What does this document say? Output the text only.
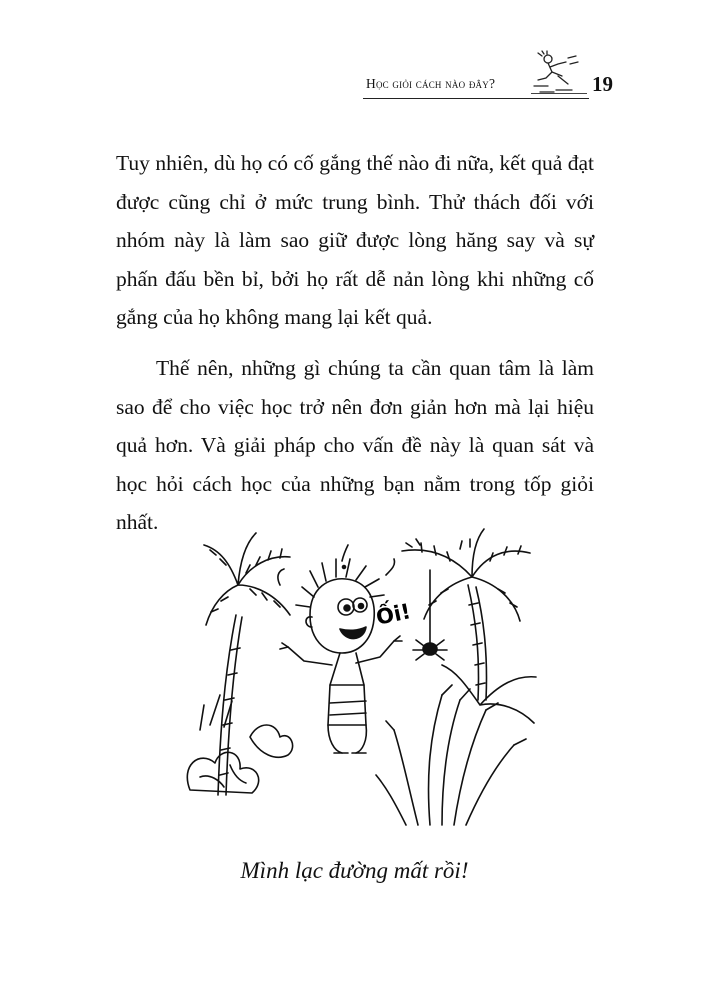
Học giỏi cách nào đây?	19

Tuy nhiên, dù họ có cố gắng thế nào đi nữa, kết quả đạt được cũng chỉ ở mức trung bình. Thử thách đối với nhóm này là làm sao giữ được lòng hăng say và sự phấn đấu bền bỉ, bởi họ rất dễ nản lòng khi những cố gắng của họ không mang lại kết quả.

Thế nên, những gì chúng ta cần quan tâm là làm sao để cho việc học trở nên đơn giản hơn mà lại hiệu quả hơn. Và giải pháp cho vấn đề này là quan sát và học hỏi cách học của những bạn nằm trong tốp giỏi nhất.

Ối!
Mình lạc đường mất rồi!
